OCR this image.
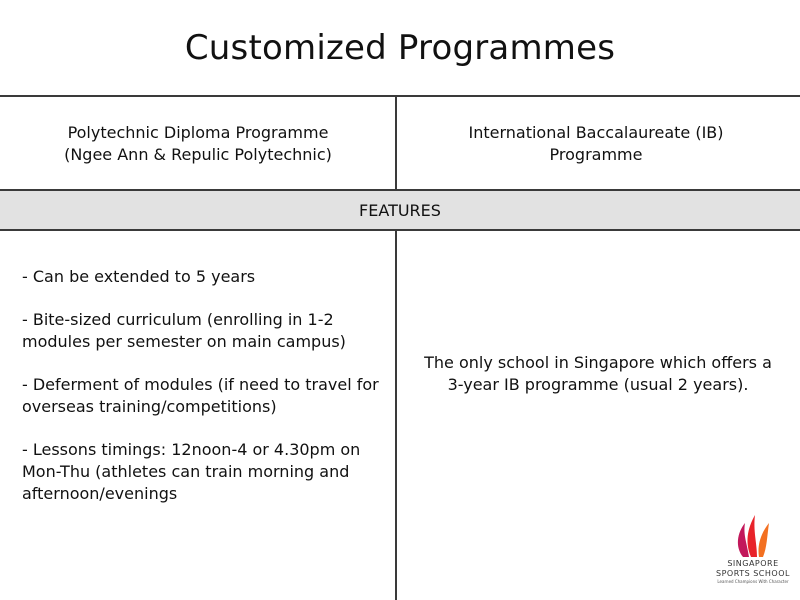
Customized Programmes
Polytechnic Diploma Programme
(Ngee Ann & Repulic Polytechnic)
International Baccalaureate (IB)
Programme
FEATURES
- Can be extended to 5 years
- Bite-sized curriculum (enrolling in 1-2 modules per semester on main campus)
- Deferment of modules (if need to travel for overseas training/competitions)
- Lessons timings: 12noon-4 or 4.30pm on Mon-Thu (athletes can train morning and afternoon/evenings
The only school in Singapore which offers a
3-year IB programme (usual 2 years).
SINGAPORE
SPORTS SCHOOL
Learned Champions With Character
